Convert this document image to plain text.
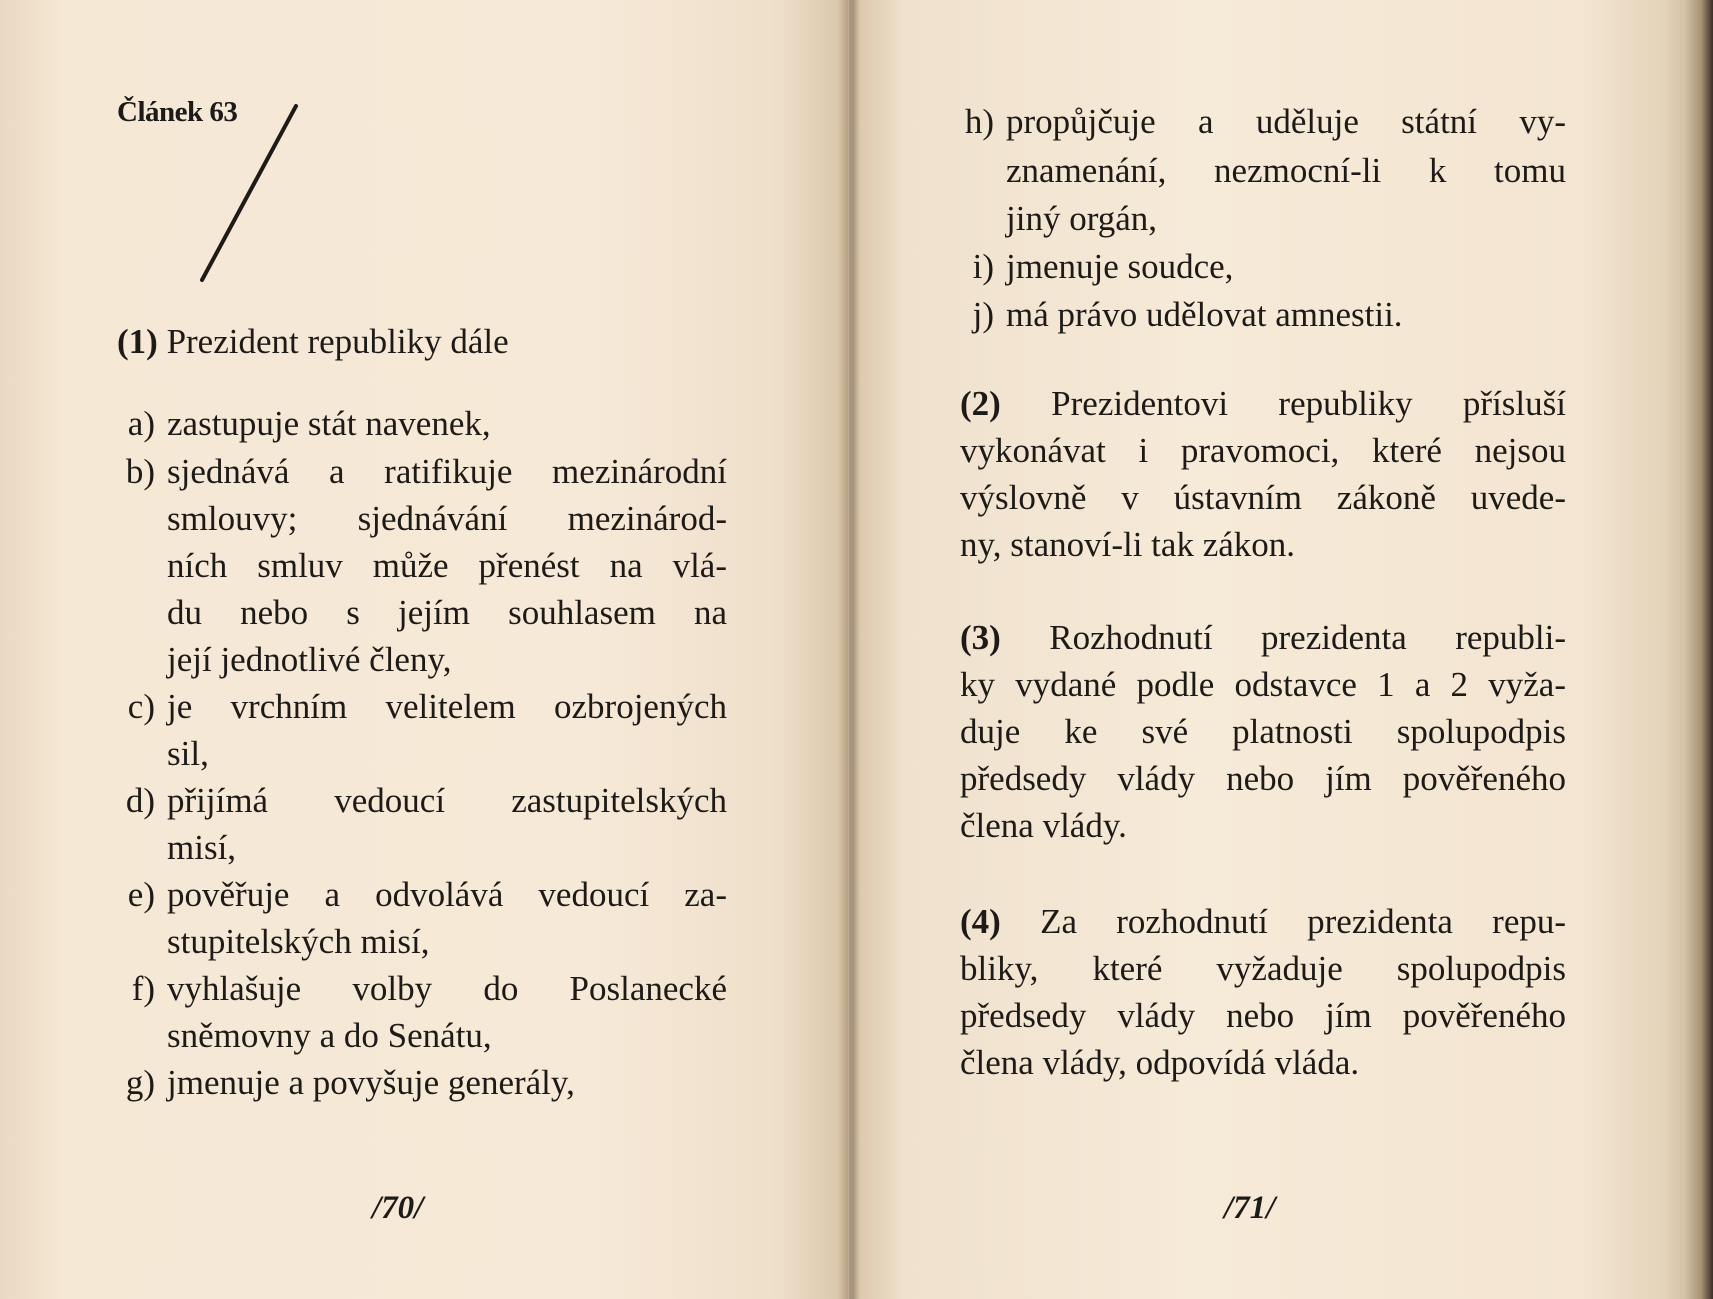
Článek 63
(1) Prezident republiky dále
a) zastupuje stát navenek,
b) sjednává a ratifikuje mezinárodní
smlouvy; sjednávání mezinárod-
ních smluv může přenést na vlá-
du nebo s jejím souhlasem na
její jednotlivé členy,
c) je vrchním velitelem ozbrojených
sil,
d) přijímá vedoucí zastupitelských
misí,
e) pověřuje a odvolává vedoucí za-
stupitelských misí,
f) vyhlašuje volby do Poslanecké
sněmovny a do Senátu,
g) jmenuje a povyšuje generály,
/70/
h) propůjčuje a uděluje státní vy-
znamenání, nezmocní-li k tomu
jiný orgán,
i) jmenuje soudce,
j) má právo udělovat amnestii.
(2) Prezidentovi republiky přísluší
vykonávat i pravomoci, které nejsou
výslovně v ústavním zákoně uvede-
ny, stanoví-li tak zákon.
(3) Rozhodnutí prezidenta republi-
ky vydané podle odstavce 1 a 2 vyža-
duje ke své platnosti spolupodpis
předsedy vlády nebo jím pověřeného
člena vlády.
(4) Za rozhodnutí prezidenta repu-
bliky, které vyžaduje spolupodpis
předsedy vlády nebo jím pověřeného
člena vlády, odpovídá vláda.
/71/
